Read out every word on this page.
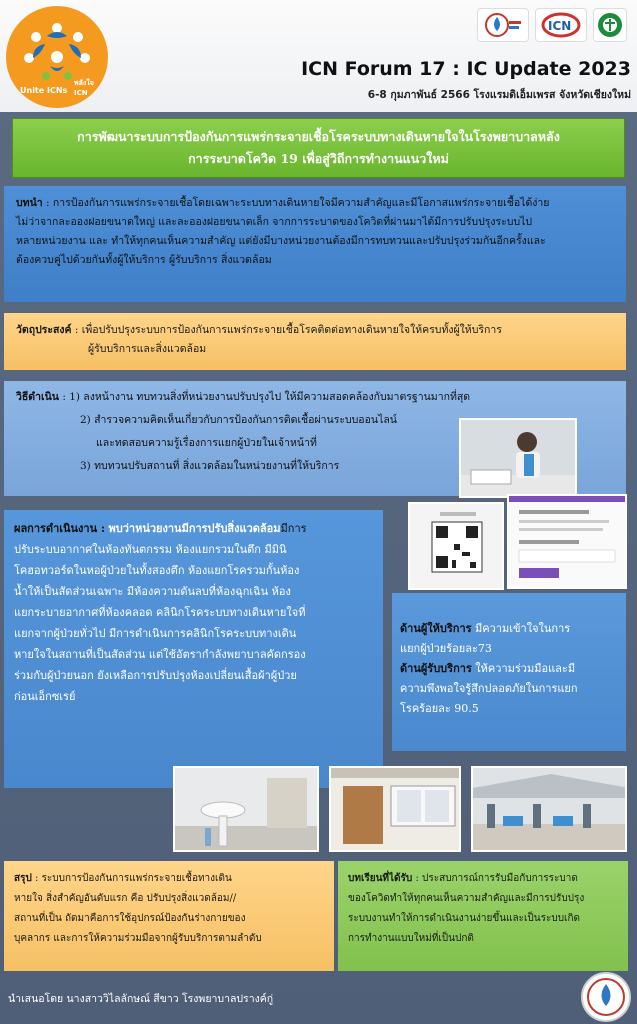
Unite ICNs
พลังใจ ICN
ICN
ICN Forum 17 : IC Update 2023
6-8 กุมภาพันธ์ 2566 โรงแรมดิเอ็มเพรส จังหวัดเชียงใหม่
การพัฒนาระบบการป้องกันการแพร่กระจายเชื้อโรคระบบทางเดินหายใจในโรงพยาบาลหลัง
การระบาดโควิด 19 เพื่อสู่วิถีการทำงานแนวใหม่
บทนำ : การป้องกันการแพร่กระจายเชื้อโดยเฉพาะระบบทางเดินหายใจมีความสำคัญและมีโอกาสแพร่กระจายเชื้อได้ง่าย
ไม่ว่าจากละอองฝอยขนาดใหญ่ และละอองฝอยขนาดเล็ก จากการระบาดของโควิดที่ผ่านมาได้มีการปรับปรุงระบบไป
หลายหน่วยงาน และ ทำให้ทุกคนเห็นความสำคัญ แต่ยังมีบางหน่วยงานต้องมีการทบทวนและปรับปรุงร่วมกันอีกครั้งและ
ต้องควบคู่ไปด้วยกันทั้งผู้ให้บริการ ผู้รับบริการ สิ่งแวดล้อม
วัตถุประสงค์ : เพื่อปรับปรุงระบบการป้องกันการแพร่กระจายเชื้อโรคติดต่อทางเดินหายใจให้ครบทั้งผู้ให้บริการ
ผู้รับบริการและสิ่งแวดล้อม
วิธีดำเนิน : 1) ลงหน้างาน ทบทวนสิ่งที่หน่วยงานปรับปรุงไป ให้มีความสอดคล้องกับมาตรฐานมากที่สุด
2) สำรวจความคิดเห็นเกี่ยวกับการป้องกันการติดเชื้อผ่านระบบออนไลน์
และทดสอบความรู้เรื่องการแยกผู้ป่วยในเจ้าหน้าที่
3) ทบทวนปรับสถานที่ สิ่งแวดล้อมในหน่วยงานที่ให้บริการ
ผลการดำเนินงาน : พบว่าหน่วยงานมีการปรับสิ่งแวดล้อมมีการ
ปรับระบบอากาศในห้องทันตกรรม ห้องแยกรวมในตึก มีมินิ
โคฮอทวอร์ดในหอผู้ป่วยในทั้งสองตึก ห้องแยกโรครวมกั้นห้อง
น้ำให้เป็นสัดส่วนเฉพาะ มีห้องความดันลบที่ห้องฉุกเฉิน ห้อง
แยกระบายอากาศที่ห้องคลอด คลินิกโรคระบบทางเดินหายใจที่
แยกจากผู้ป่วยทั่วไป มีการดำเนินการคลินิกโรคระบบทางเดิน
หายใจในสถานที่เป็นสัดส่วน แต่ใช้อัตรากำลังพยาบาลคัดกรอง
ร่วมกับผู้ป่วยนอก ยังเหลือการปรับปรุงห้องเปลี่ยนเสื้อผ้าผู้ป่วย
ก่อนเอ็กซเรย์
ด้านผู้ให้บริการ มีความเข้าใจในการ
แยกผู้ป่วยร้อยละ73
ด้านผู้รับบริการ ให้ความร่วมมือและมี
ความพึงพอใจรู้สึกปลอดภัยในการแยก
โรคร้อยละ 90.5
สรุป : ระบบการป้องกันการแพร่กระจายเชื้อทางเดิน
หายใจ สิ่งสำคัญอันดับแรก คือ ปรับปรุงสิ่งแวดล้อม//
สถานที่เป็น ถัดมาคือการใช้อุปกรณ์ป้องกันร่างกายของ
บุคลากร และการให้ความร่วมมือจากผู้รับบริการตามลำดับ
บทเรียนที่ได้รับ : ประสบการณ์การรับมือกับการระบาด
ของโควิดทำให้ทุกคนเห็นความสำคัญและมีการปรับปรุง
ระบบงานทำให้การดำเนินงานง่ายขึ้นและเป็นระบบเกิด
การทำงานแบบใหม่ที่เป็นปกติ
นำเสนอโดย นางสาววิไลลักษณ์ สีขาว โรงพยาบาลปรางค์กู่
